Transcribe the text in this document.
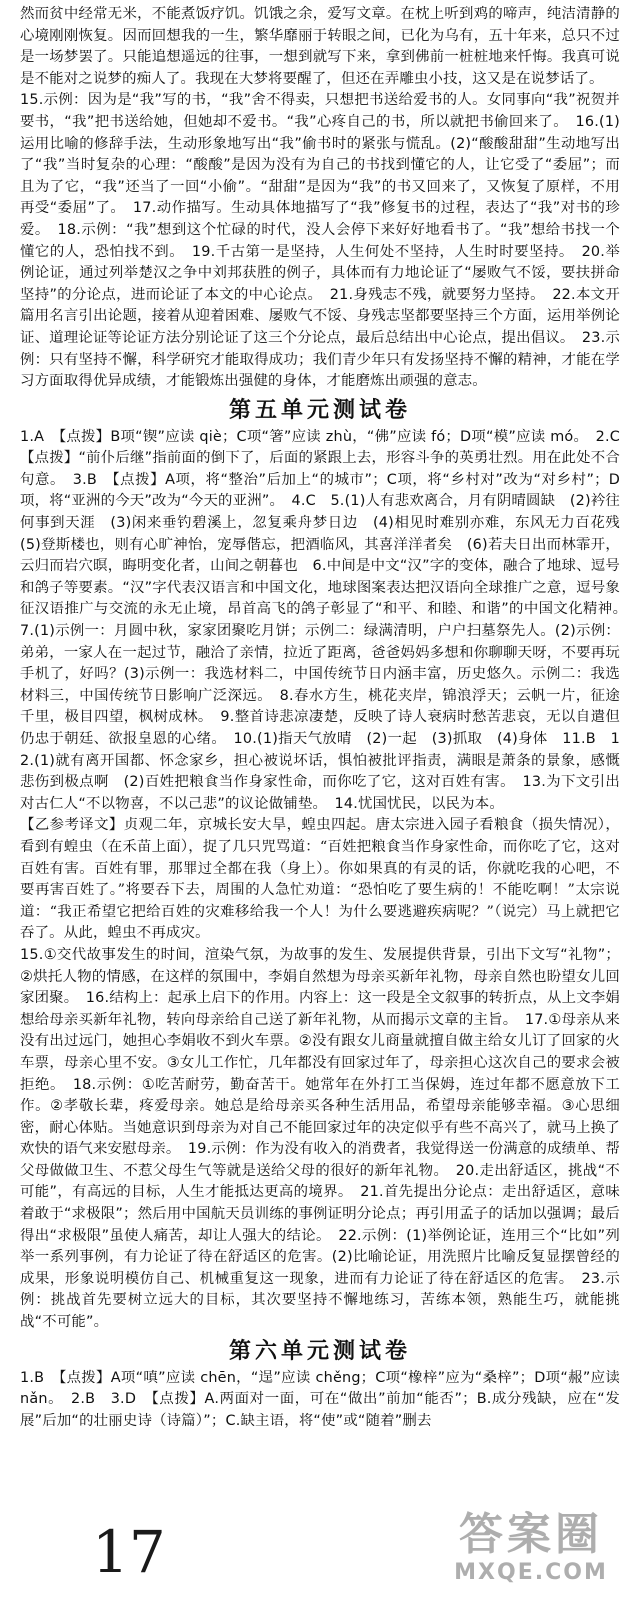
然而贫中经常无米，不能煮饭疗饥。饥饿之余，爱写文章。在枕上听到鸡的啼声，纯洁清静的心境刚刚恢复。因而回想我的一生，繁华靡丽于转眼之间，已化为乌有，五十年来，总只不过是一场梦罢了。只能追想遥远的往事，一想到就写下来，拿到佛前一桩桩地来忏悔。我真可说是不能对之说梦的痴人了。我现在大梦将要醒了，但还在弄雕虫小技，这又是在说梦话了。

15.示例：因为是“我”写的书，“我”舍不得卖，只想把书送给爱书的人。女同事向“我”祝贺并要书，“我”把书送给她，但她却不爱书。“我”心疼自己的书，所以就把书偷回来了。　16.(1)运用比喻的修辞手法，生动形象地写出“我”偷书时的紧张与慌乱。(2)“酸酸甜甜”生动地写出了“我”当时复杂的心理：“酸酸”是因为没有为自己的书找到懂它的人，让它受了“委屈”；而且为了它，“我”还当了一回“小偷”。“甜甜”是因为“我”的书又回来了，又恢复了原样，不用再受“委屈”了。　17.动作描写。生动具体地描写了“我”修复书的过程，表达了“我”对书的珍爱。　18.示例：“我”想到这个忙碌的时代，没人会停下来好好地看书了。“我”想给书找一个懂它的人，恐怕找不到。　19.千古第一是坚持，人生何处不坚持，人生时时要坚持。　20.举例论证，通过列举楚汉之争中刘邦获胜的例子，具体而有力地论证了“屡败气不馁，要扶拼命坚持”的分论点，进而论证了本文的中心论点。　21.身残志不残，就要努力坚持。　22.本文开篇用名言引出论题，接着从迎着困难、屡败气不馁、身残志坚都要坚持三个方面，运用举例论证、道理论证等论证方法分别论证了这三个分论点，最后总结出中心论点，提出倡议。　23.示例：只有坚持不懈，科学研究才能取得成功；我们青少年只有发扬坚持不懈的精神，才能在学习方面取得优异成绩，才能锻炼出强健的身体，才能磨炼出顽强的意志。

第五单元测试卷

1.A　【点拨】B项“锲”应读 qiè；C项“箸”应读 zhù，“佛”应读 fó；D项“模”应读 mó。　2.C　【点拨】“前仆后继”指前面的倒下了，后面的紧跟上去，形容斗争的英勇壮烈。用在此处不合句意。　3.B　【点拨】A项，将“整治”后加上“的城市”；C项，将“乡村对”改为“对乡村”；D项，将“亚洲的今天”改为“今天的亚洲”。　4.C　5.(1)人有悲欢离合，月有阴晴圆缺　(2)衿往何事到天涯　(3)闲来垂钓碧溪上，忽复乘舟梦日边　(4)相见时难别亦难，东风无力百花残　(5)登斯楼也，则有心旷神怡，宠辱偕忘，把酒临风，其喜洋洋者矣　(6)若夫日出而林霏开，云归而岩穴暝，晦明变化者，山间之朝暮也　6.中间是中文“汉”字的变体，融合了地球、逗号和鸽子等要素。“汉”字代表汉语言和中国文化，地球图案表达把汉语向全球推广之意，逗号象征汉语推广与交流的永无止境，昂首高飞的鸽子彰显了“和平、和睦、和谐”的中国文化精神。　7.(1)示例一：月圆中秋，家家团聚吃月饼；示例二：绿满清明，户户扫墓祭先人。(2)示例：弟弟，一家人在一起过节，融洽了亲情，拉近了距离，爸爸妈妈多想和你聊聊天呀，不要再玩手机了，好吗？(3)示例一：我选材料二，中国传统节日内涵丰富，历史悠久。示例二：我选材料三，中国传统节日影响广泛深远。　8.春水方生，桃花夹岸，锦浪浮天；云帆一片，征途千里，极目四望，枫树成林。　9.整首诗悲凉凄楚，反映了诗人衰病时愁苦悲哀，无以自遣但仍忠于朝廷、欲报皇恩的心绪。　10.(1)指天气放晴　(2)一起　(3)抓取　(4)身体　11.B　12.(1)就有离开国都、怀念家乡，担心被说坏话，惧怕被批评指责，满眼是萧条的景象，感慨悲伤到极点啊　(2)百姓把粮食当作身家性命，而你吃了它，这对百姓有害。　13.为下文引出对古仁人“不以物喜，不以己悲”的议论做铺垫。　14.忧国忧民，以民为本。

【乙参考译文】贞观二年，京城长安大旱，蝗虫四起。唐太宗进入园子看粮食（损失情况），看到有蝗虫（在禾苗上面），捉了几只咒骂道：“百姓把粮食当作身家性命，而你吃了它，这对百姓有害。百姓有罪，那罪过全都在我（身上）。你如果真的有灵的话，你就吃我的心吧，不要再害百姓了。”将要吞下去，周围的人急忙劝道：“恐怕吃了要生病的！不能吃啊！”太宗说道：“我正希望它把给百姓的灾难移给我一个人！为什么要逃避疾病呢？”（说完）马上就把它吞了。从此，蝗虫不再成灾。

15.①交代故事发生的时间，渲染气氛，为故事的发生、发展提供背景，引出下文写“礼物”；②烘托人物的情感，在这样的氛围中，李娟自然想为母亲买新年礼物，母亲自然也盼望女儿回家团聚。　16.结构上：起承上启下的作用。内容上：这一段是全文叙事的转折点，从上文李娟想给母亲买新年礼物，转向母亲给自己送了新年礼物，从而揭示文章的主旨。　17.①母亲从来没有出过远门，她担心李娟收不到火车票。②没有跟女儿商量就擅自做主给女儿订了回家的火车票，母亲心里不安。③女儿工作忙，几年都没有回家过年了，母亲担心这次自己的要求会被拒绝。　18.示例：①吃苦耐劳，勤奋苦干。她常年在外打工当保姆，连过年都不愿意放下工作。②孝敬长辈，疼爱母亲。她总是给母亲买各种生活用品，希望母亲能够幸福。③心思细密，耐心体贴。当她意识到母亲为对自己不能回家过年的决定似乎有些不高兴了，就马上换了欢快的语气来安慰母亲。　19.示例：作为没有收入的消费者，我觉得送一份满意的成绩单、帮父母做做卫生、不惹父母生气等就是送给父母的很好的新年礼物。　20.走出舒适区，挑战“不可能”，有高远的目标，人生才能抵达更高的境界。　21.首先提出分论点：走出舒适区，意味着敢于“求极限”；然后用中国航天员训练的事例证明分论点；再引用孟子的话加以强调；最后得出“求极限”虽使人痛苦，却让人强大的结论。　22.示例：(1)举例论证，连用三个“比如”列举一系列事例，有力论证了待在舒适区的危害。(2)比喻论证，用洗照片比喻反复显摆曾经的成果，形象说明模仿自己、机械重复这一现象，进而有力论证了待在舒适区的危害。　23.示例：挑战首先要树立远大的目标，其次要坚持不懈地练习，苦练本领，熟能生巧，就能挑战“不可能”。

第六单元测试卷

1.B　【点拨】A项“嗔”应读 chēn，“逞”应读 chěng；C项“橡梓”应为“桑梓”；D项“赧”应读 nǎn。　2.B　3.D　【点拨】A.两面对一面，可在“做出”前加“能否”；B.成分残缺，应在“发展”后加“的壮丽史诗（诗篇）”；C.缺主语，将“使”或“随着”删去

17	答案圈
MXQE.COM
